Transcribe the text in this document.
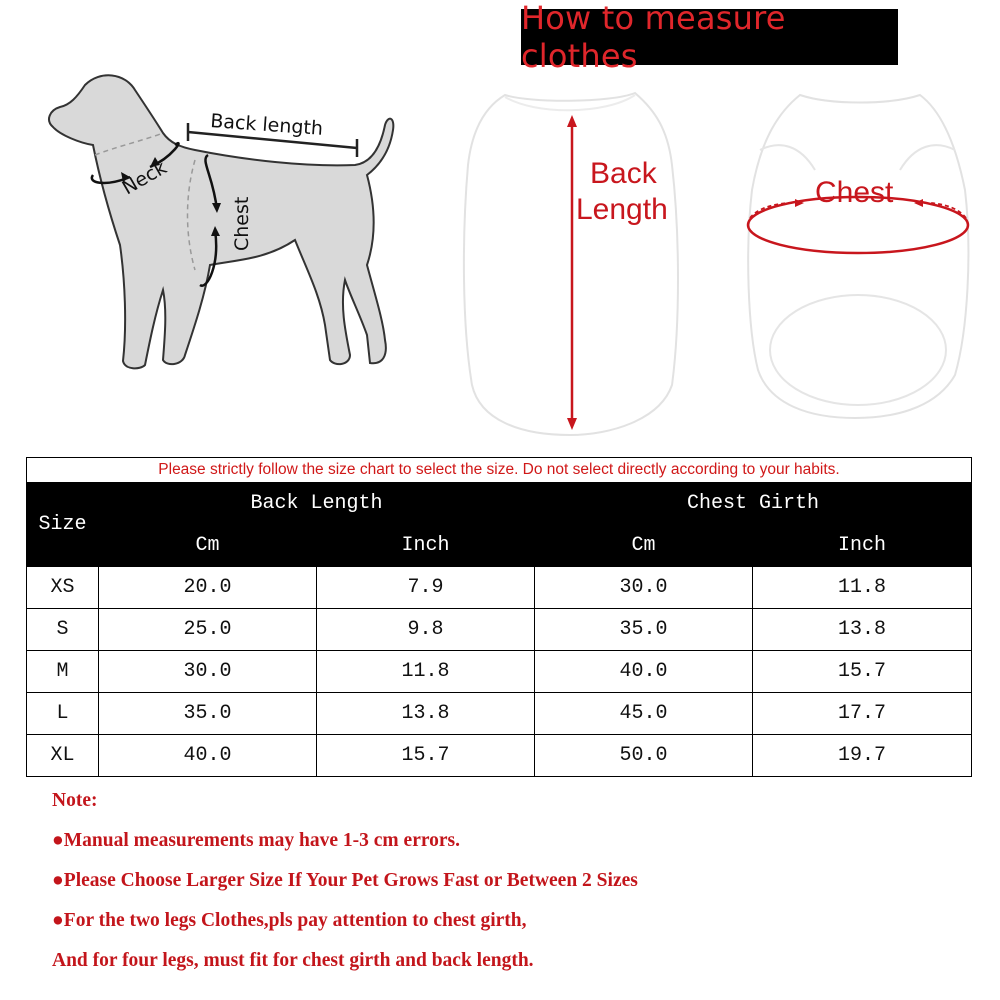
How to measure clothes
Back length
Neck
Chest
Back
Length
Chest
Please strictly follow the size chart to select the size. Do not select directly according to your habits.				
Size	Back Length		Chest Girth	
	Cm	Inch	Cm	Inch
XS	20.0	7.9	30.0	11.8
S	25.0	9.8	35.0	13.8
M	30.0	11.8	40.0	15.7
L	35.0	13.8	45.0	17.7
XL	40.0	15.7	50.0	19.7
Note:
●Manual measurements may have 1-3 cm errors.
●Please Choose Larger Size If Your Pet Grows Fast or Between 2 Sizes
●For the two legs Clothes,pls pay attention to chest girth,
And for four legs, must fit for chest girth and back length.
